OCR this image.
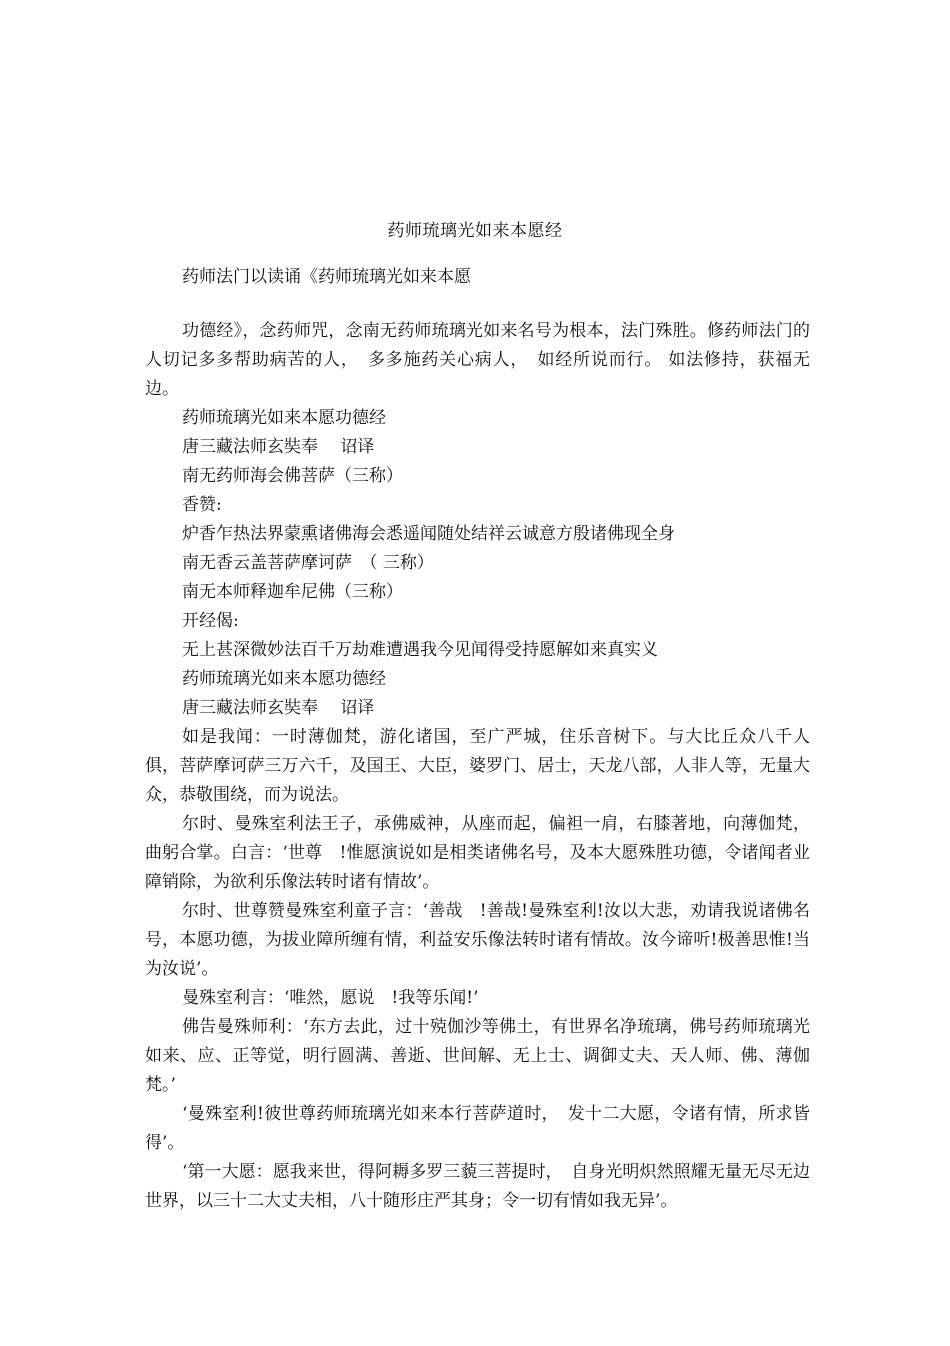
药师琉璃光如来本愿经
药师法门以读诵《药师琉璃光如来本愿

功德经》，念药师咒，念南无药师琉璃光如来名号为根本，法门殊胜。修药师法门的人切记多多帮助病苦的人，　多多施药关心病人，　如经所说而行。 如法修持，获福无边。

药师琉璃光如来本愿功德经

唐三藏法师玄奘奉　 诏译

南无药师海会佛菩萨（三称）

香赞:

炉香乍热法界蒙熏诸佛海会悉遥闻随处结祥云诚意方殷诸佛现全身

南无香云盖菩萨摩诃萨　（ 三称）

南无本师释迦牟尼佛（三称）

开经偈:

无上甚深微妙法百千万劫难遭遇我今见闻得受持愿解如来真实义

药师琉璃光如来本愿功德经

唐三藏法师玄奘奉　 诏译

如是我闻：一时薄伽梵，游化诸国，至广严城，住乐音树下。与大比丘众八千人俱，菩萨摩诃萨三万六千，及国王、大臣，婆罗门、居士，天龙八部，人非人等，无量大众，恭敬围绕，而为说法。

尔时、曼殊室利法王子，承佛威神，从座而起，偏袒一肩，右膝著地，向薄伽梵，曲躬合掌。白言：‘世尊　!惟愿演说如是相类诸佛名号，及本大愿殊胜功德，令诸闻者业障销除，为欲利乐像法转时诸有情故’。

尔时、世尊赞曼殊室利童子言：‘善哉　!善哉!曼殊室利!汝以大悲，劝请我说诸佛名号，本愿功德，为拔业障所缠有情，利益安乐像法转时诸有情故。汝今谛听!极善思惟!当为汝说’。

曼殊室利言：‘唯然，愿说　!我等乐闻!’

佛告曼殊师利：‘东方去此，过十殑伽沙等佛土，有世界名净琉璃，佛号药师琉璃光如来、应、正等觉，明行圆满、善逝、世间解、无上士、调御丈夫、天人师、佛、薄伽梵。’

‘曼殊室利!彼世尊药师琉璃光如来本行菩萨道时，　发十二大愿，令诸有情，所求皆得’。

‘第一大愿：愿我来世，得阿耨多罗三藐三菩提时，　自身光明炽然照耀无量无尽无边世界，以三十二大丈夫相，八十随形庄严其身；令一切有情如我无异’。
